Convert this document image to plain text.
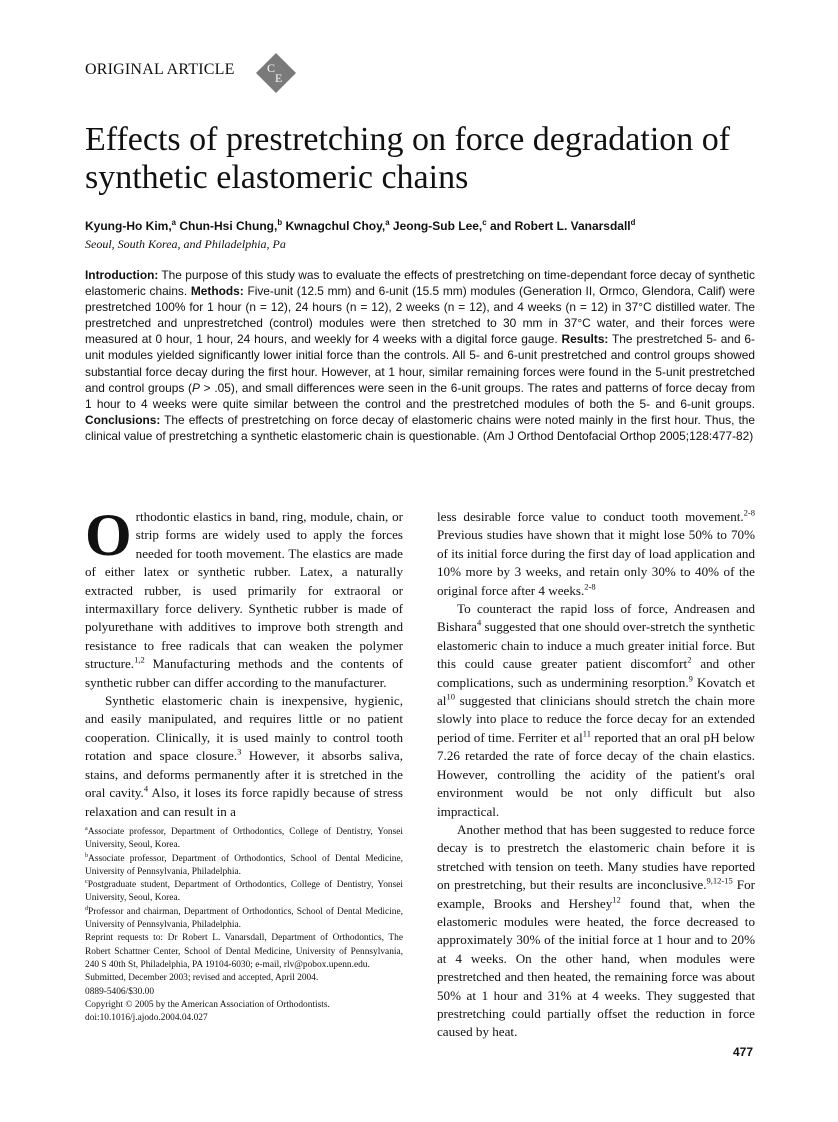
ORIGINAL ARTICLE	C
E
Effects of prestretching on force degradation of synthetic elastomeric chains
Kyung-Ho Kim,$^a$ Chun-Hsi Chung,$^b$ Kwnagchul Choy,$^a$ Jeong-Sub Lee,$^c$ and Robert L. Vanarsdall$^d$
Seoul, South Korea, and Philadelphia, Pa
Introduction: The purpose of this study was to evaluate the effects of prestretching on time-dependant force decay of synthetic elastomeric chains. Methods: Five-unit (12.5 mm) and 6-unit (15.5 mm) modules (Generation II, Ormco, Glendora, Calif) were prestretched 100% for 1 hour (n = 12), 24 hours (n = 12), 2 weeks (n = 12), and 4 weeks (n = 12) in 37°C distilled water. The prestretched and unprestretched (control) modules were then stretched to 30 mm in 37°C water, and their forces were measured at 0 hour, 1 hour, 24 hours, and weekly for 4 weeks with a digital force gauge. Results: The prestretched 5- and 6-unit modules yielded significantly lower initial force than the controls. All 5- and 6-unit prestretched and control groups showed substantial force decay during the first hour. However, at 1 hour, similar remaining forces were found in the 5-unit prestretched and control groups (P > .05), and small differences were seen in the 6-unit groups. The rates and patterns of force decay from 1 hour to 4 weeks were quite similar between the control and the prestretched modules of both the 5- and 6-unit groups. Conclusions: The effects of prestretching on force decay of elastomeric chains were noted mainly in the first hour. Thus, the clinical value of prestretching a synthetic elastomeric chain is questionable. (Am J Orthod Dentofacial Orthop 2005;128:477-82)

Orthodontic elastics in band, ring, module, chain, or strip forms are widely used to apply the forces needed for tooth movement. The elastics are made of either latex or synthetic rubber. Latex, a naturally extracted rubber, is used primarily for extraoral or intermaxillary force delivery. Synthetic rubber is made of polyurethane with additives to improve both strength and resistance to free radicals that can weaken the polymer structure.$^{1,2}$ Manufacturing methods and the contents of synthetic rubber can differ according to the manufacturer.

Synthetic elastomeric chain is inexpensive, hygienic, and easily manipulated, and requires little or no patient cooperation. Clinically, it is used mainly to control tooth rotation and space closure.$^3$ However, it absorbs saliva, stains, and deforms permanently after it is stretched in the oral cavity.$^4$ Also, it loses its force rapidly because of stress relaxation and can result in a

less desirable force value to conduct tooth movement.$^{2-8}$ Previous studies have shown that it might lose 50% to 70% of its initial force during the first day of load application and 10% more by 3 weeks, and retain only 30% to 40% of the original force after 4 weeks.$^{2-8}$

To counteract the rapid loss of force, Andreasen and Bishara$^4$ suggested that one should over-stretch the synthetic elastomeric chain to induce a much greater initial force. But this could cause greater patient discomfort$^2$ and other complications, such as undermining resorption.$^9$ Kovatch et $al^{10}$ suggested that clinicians should stretch the chain more slowly into place to reduce the force decay for an extended period of time. Ferriter et $al^{11}$ reported that an oral pH below 7.26 retarded the rate of force decay of the chain elastics. However, controlling the acidity of the patient's oral environment would be not only difficult but also impractical.

Another method that has been suggested to reduce force decay is to prestretch the elastomeric chain before it is stretched with tension on teeth. Many studies have reported on prestretching, but their results are inconclusive.$^{9,12-15}$ For example, Brooks and Hershey$^{12}$ found that, when the elastomeric modules were heated, the force decreased to approximately 30% of the initial force at 1 hour and to 20% at 4 weeks. On the other hand, when modules were prestretched and then heated, the remaining force was about 50% at 1 hour and 31% at 4 weeks. They suggested that prestretching could partially offset the reduction in force caused by heat.

$^a$Associate professor, Department of Orthodontics, College of Dentistry, Yonsei University, Seoul, Korea.
$^b$Associate professor, Department of Orthodontics, School of Dental Medicine, University of Pennsylvania, Philadelphia.
$^c$Postgraduate student, Department of Orthodontics, College of Dentistry, Yonsei University, Seoul, Korea.
$^d$Professor and chairman, Department of Orthodontics, School of Dental Medicine, University of Pennsylvania, Philadelphia.
Reprint requests to: Dr Robert L. Vanarsdall, Department of Orthodontics, The Robert Schattner Center, School of Dental Medicine, University of Pennsylvania, 240 S 40th St, Philadelphia, PA 19104-6030; e-mail, rlv@pobox.upenn.edu.
Submitted, December 2003; revised and accepted, April 2004.
0889-5406/$30.00
Copyright © 2005 by the American Association of Orthodontists.
doi:10.1016/j.ajodo.2004.04.027
477
